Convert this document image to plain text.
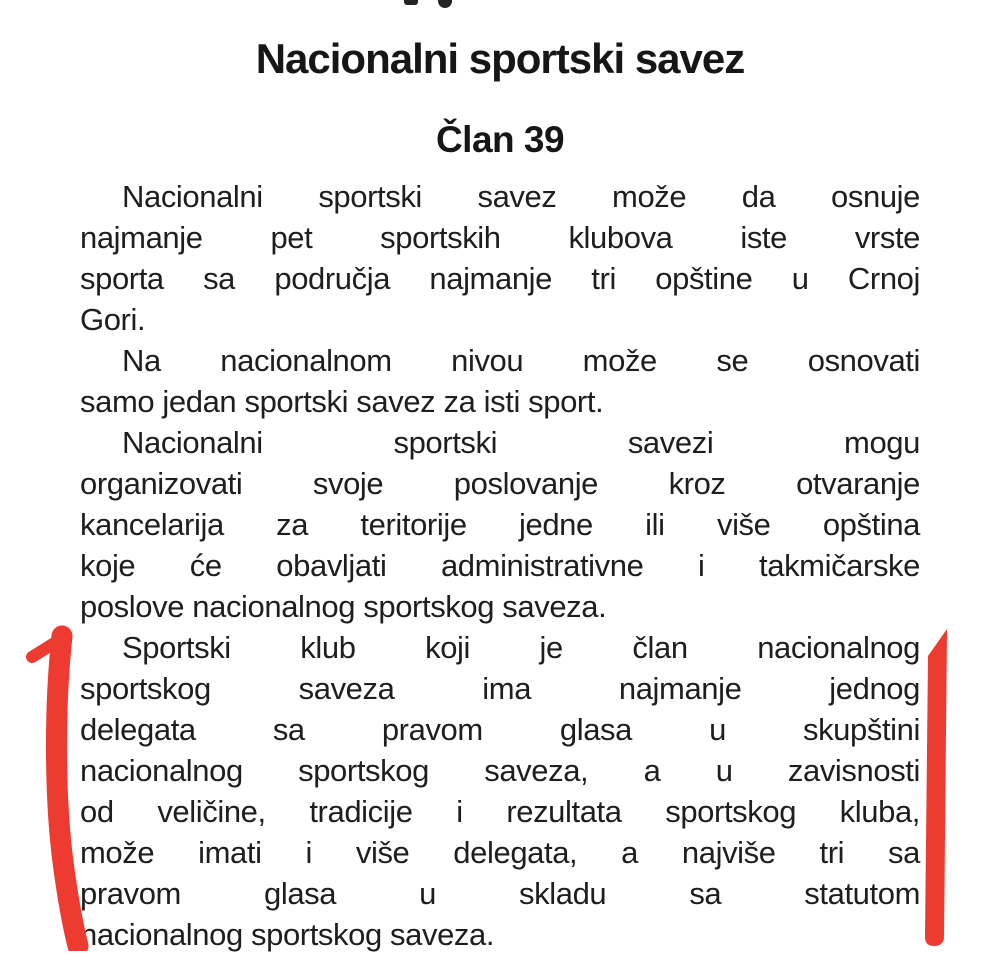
Nacionalni sportski savez
Član 39
Nacionalni sportski savez može da osnuje
najmanje pet sportskih klubova iste vrste
sporta sa područja najmanje tri opštine u Crnoj
Gori.
Na nacionalnom nivou može se osnovati
samo jedan sportski savez za isti sport.
Nacionalni sportski savezi mogu
organizovati svoje poslovanje kroz otvaranje
kancelarija za teritorije jedne ili više opština
koje će obavljati administrativne i takmičarske
poslove nacionalnog sportskog saveza.
Sportski klub koji je član nacionalnog
sportskog saveza ima najmanje jednog
delegata sa pravom glasa u skupštini
nacionalnog sportskog saveza, a u zavisnosti
od veličine, tradicije i rezultata sportskog kluba,
može imati i više delegata, a najviše tri sa
pravom glasa u skladu sa statutom
nacionalnog sportskog saveza.
